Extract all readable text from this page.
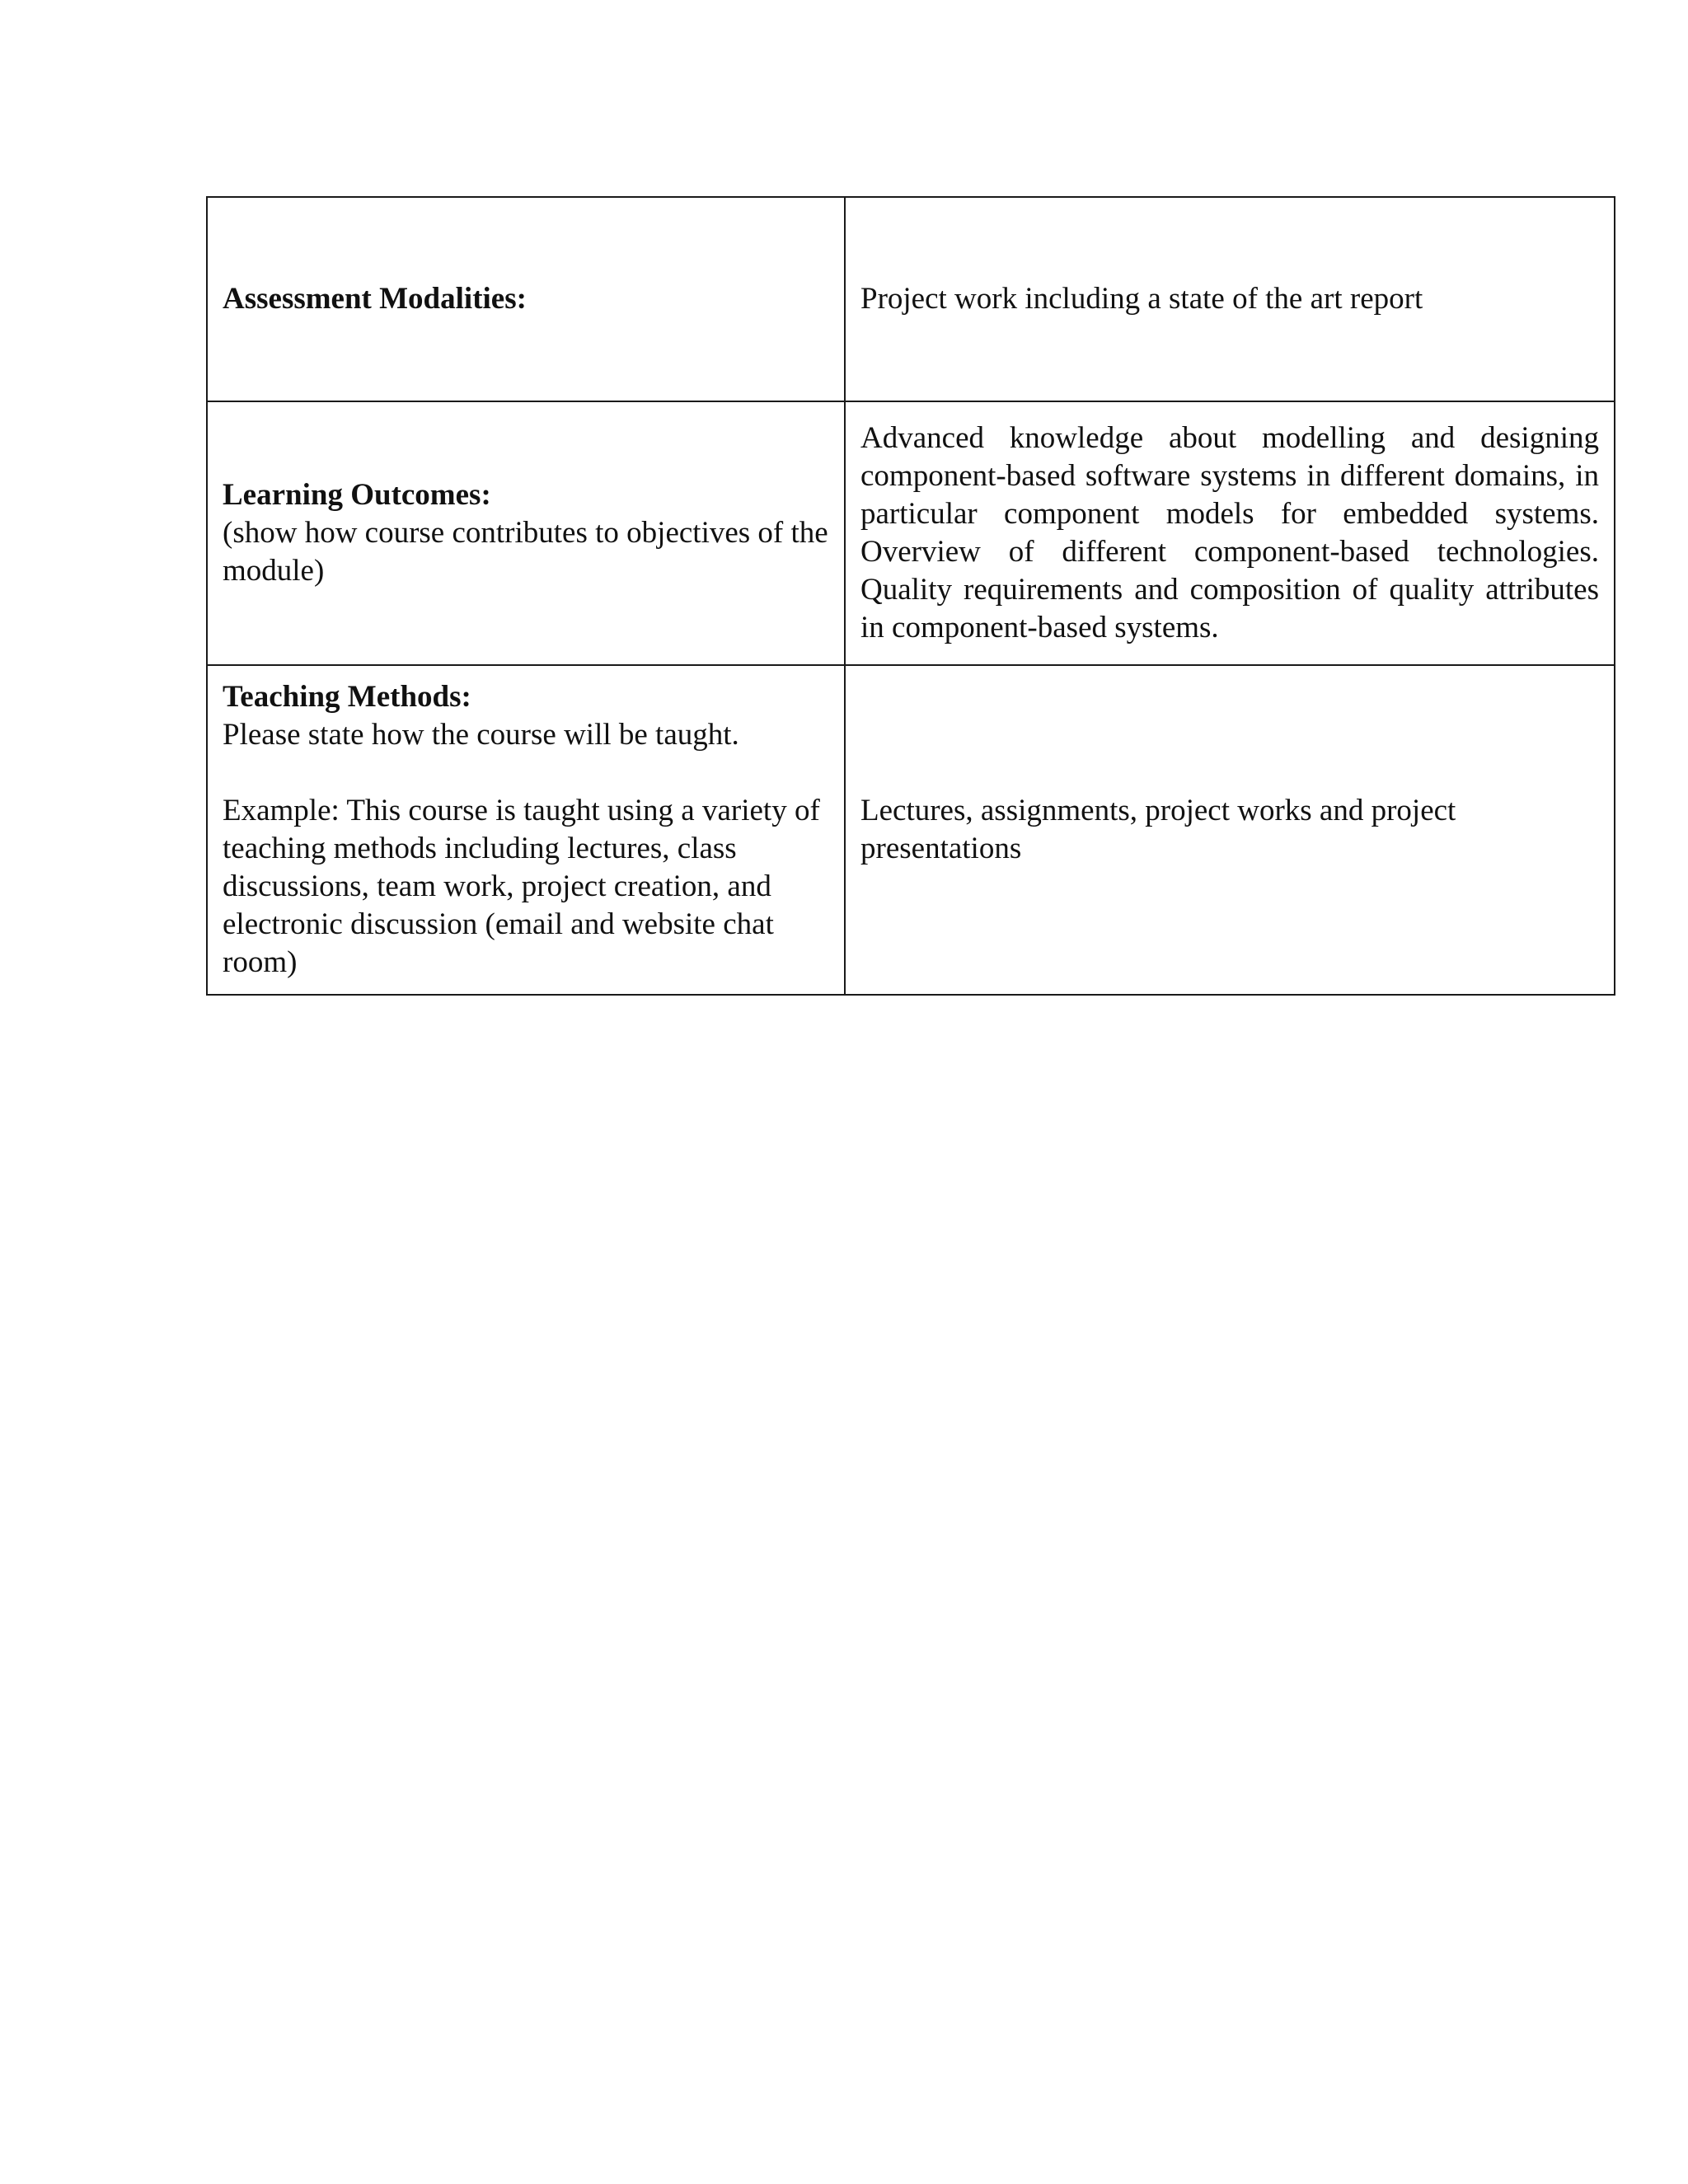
Assessment Modalities:	Project work including a state of the art report

Learning Outcomes:
(show how course contributes to objectives of the module)	Advanced knowledge about modelling and designing component-based software systems in different domains, in particular component models for embedded systems. Overview of different component-based technologies. Quality requirements and composition of quality attributes in component-based systems.

Teaching Methods:
Please state how the course will be taught.
Example: This course is taught using a variety of teaching methods including lectures, class discussions, team work, project creation, and electronic discussion (email and website chat room)	Lectures, assignments, project works and project presentations
